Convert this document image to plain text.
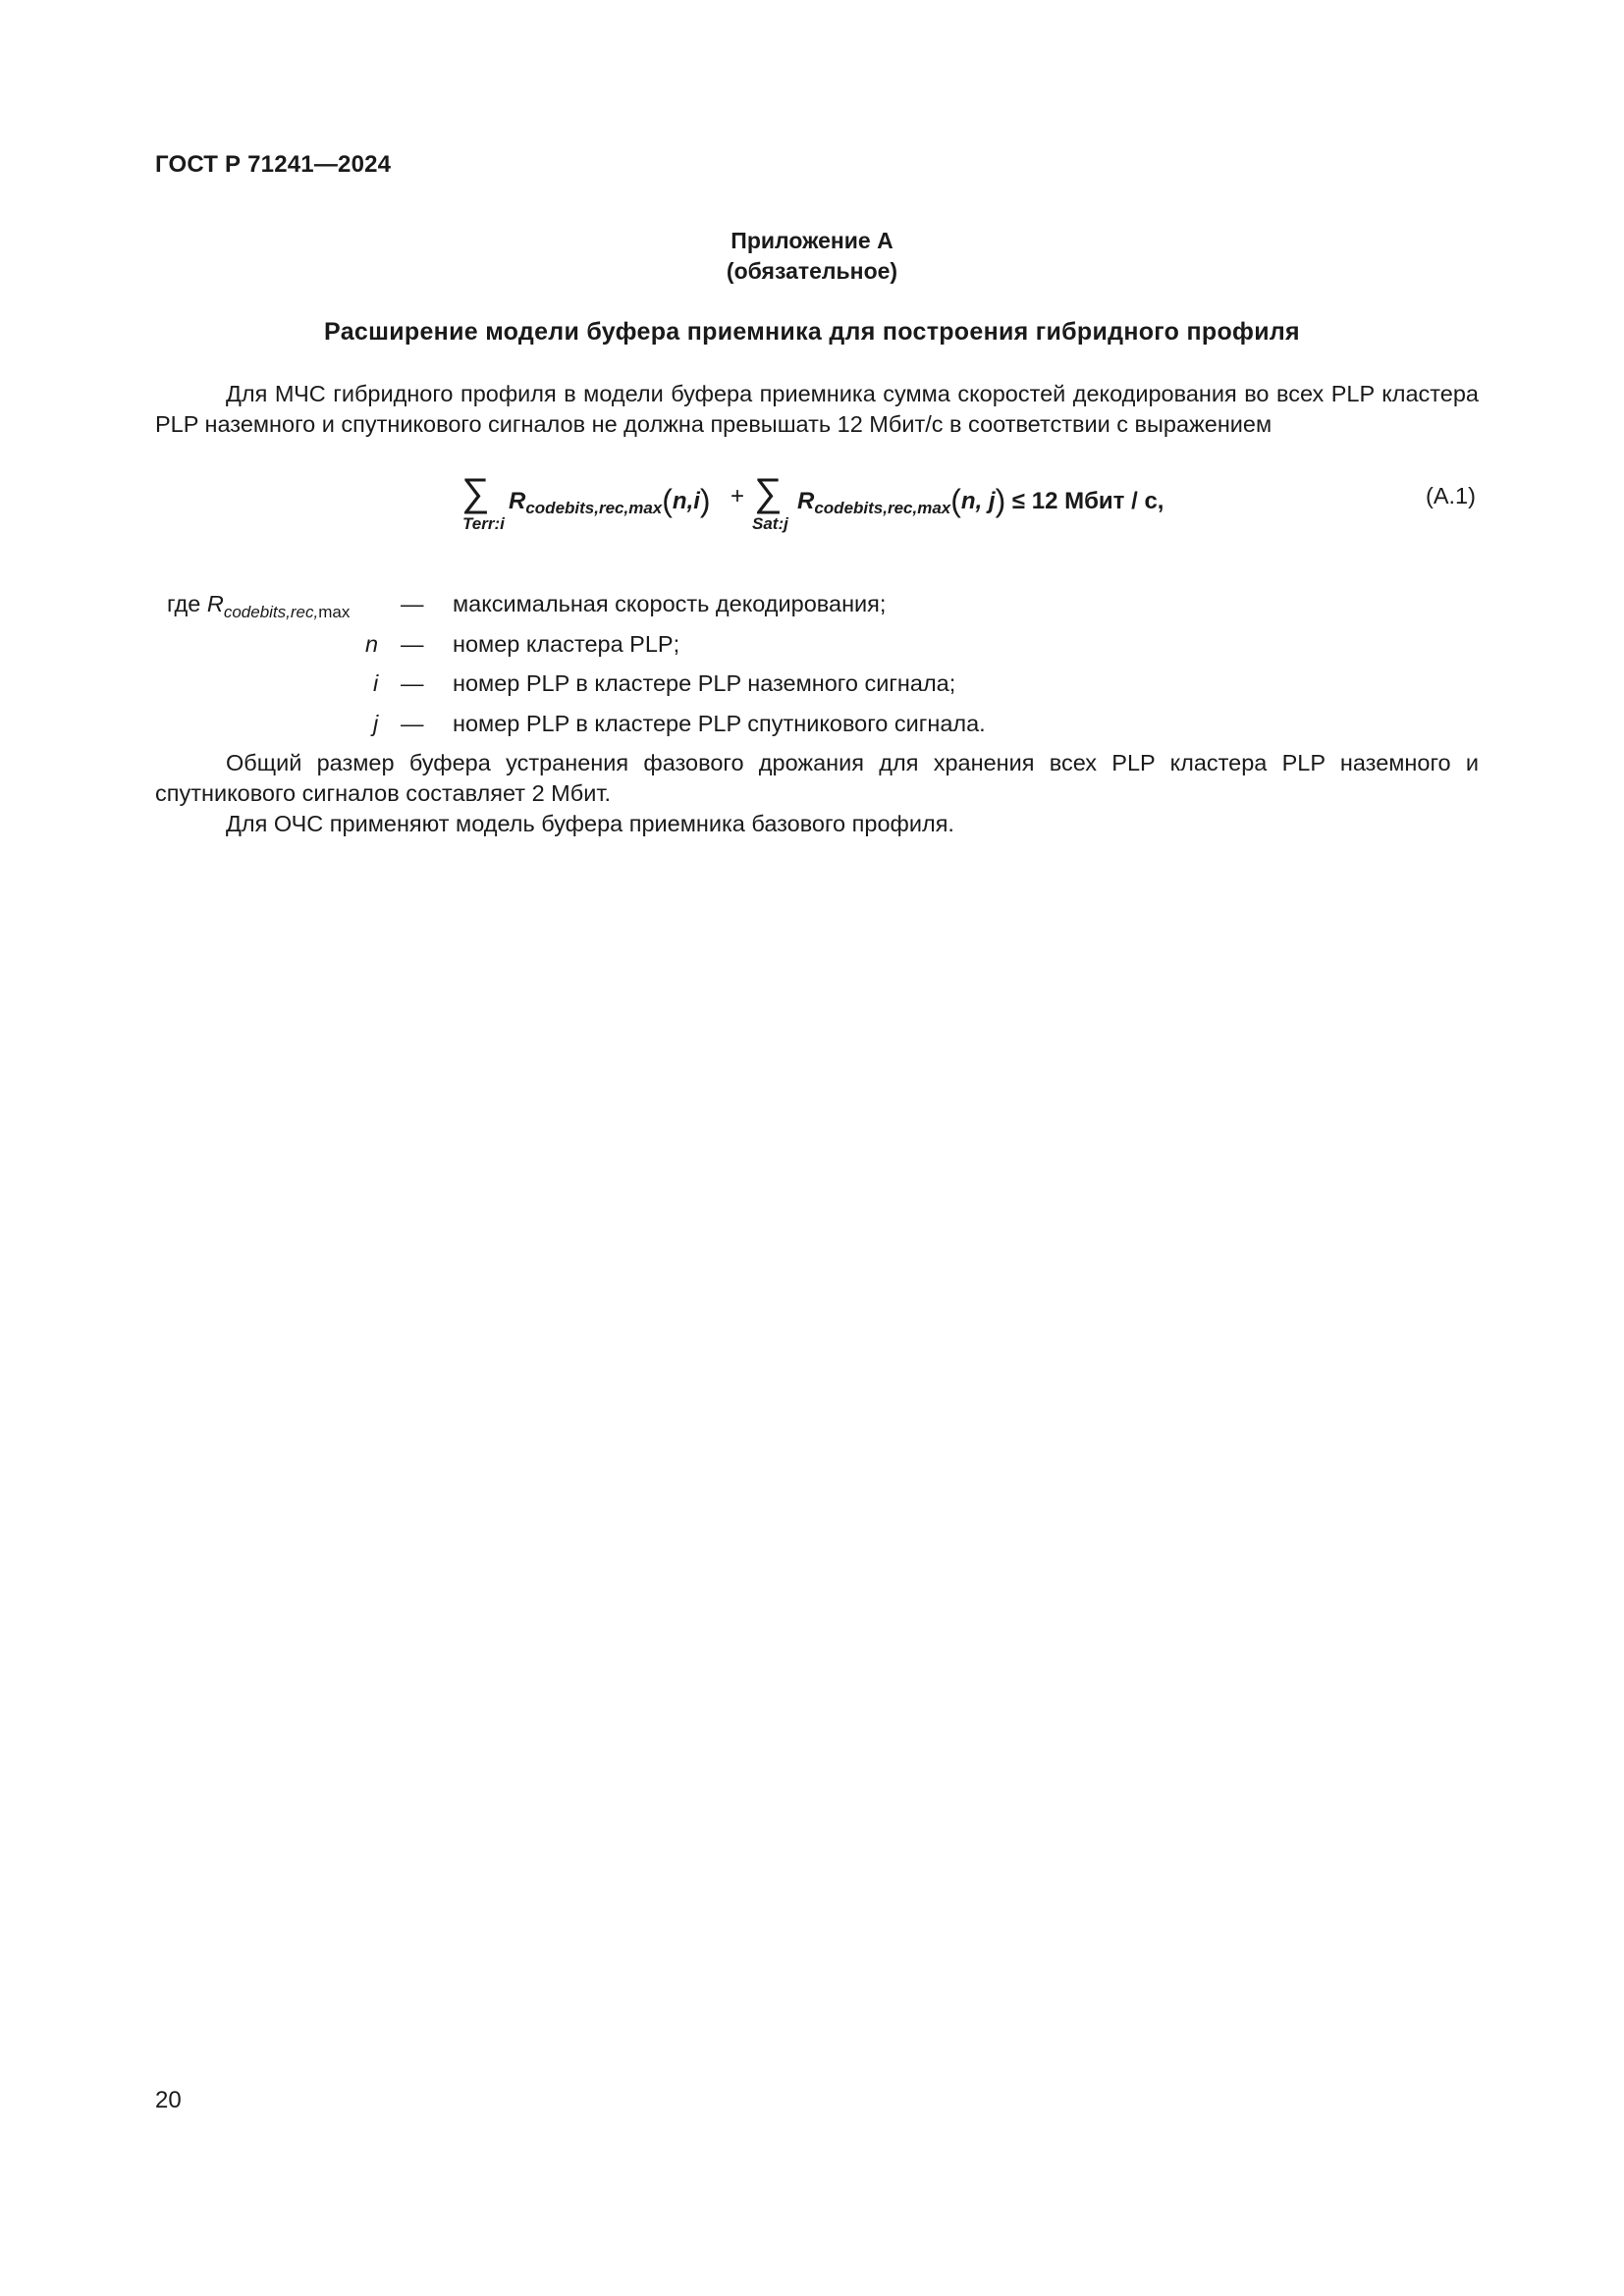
ГОСТ Р 71241—2024
Приложение А
(обязательное)
Расширение модели буфера приемника для построения гибридного профиля

Для МЧС гибридного профиля в модели буфера приемника сумма скоростей декодирования во всех PLP кластера PLP наземного и спутникового сигналов не должна превышать 12 Мбит/с в соответствии с выражением

∑
Terr:i
$R_{codebits,rec,max}(n,i)$ + ∑
Sat:j
$R_{codebits,rec,max}(n$, j) ≤ 12 Мбит / с,	(А.1)
где $R_{codebits,rec,max}$ — максимальная скорость декодирования;
n — номер кластера PLP;
i — номер PLP в кластере PLP наземного сигнала;
j — номер PLP в кластере PLP спутникового сигнала.

Общий размер буфера устранения фазового дрожания для хранения всех PLP кластера PLP наземного и спутникового сигналов составляет 2 Мбит.

Для ОЧС применяют модель буфера приемника базового профиля.

20
